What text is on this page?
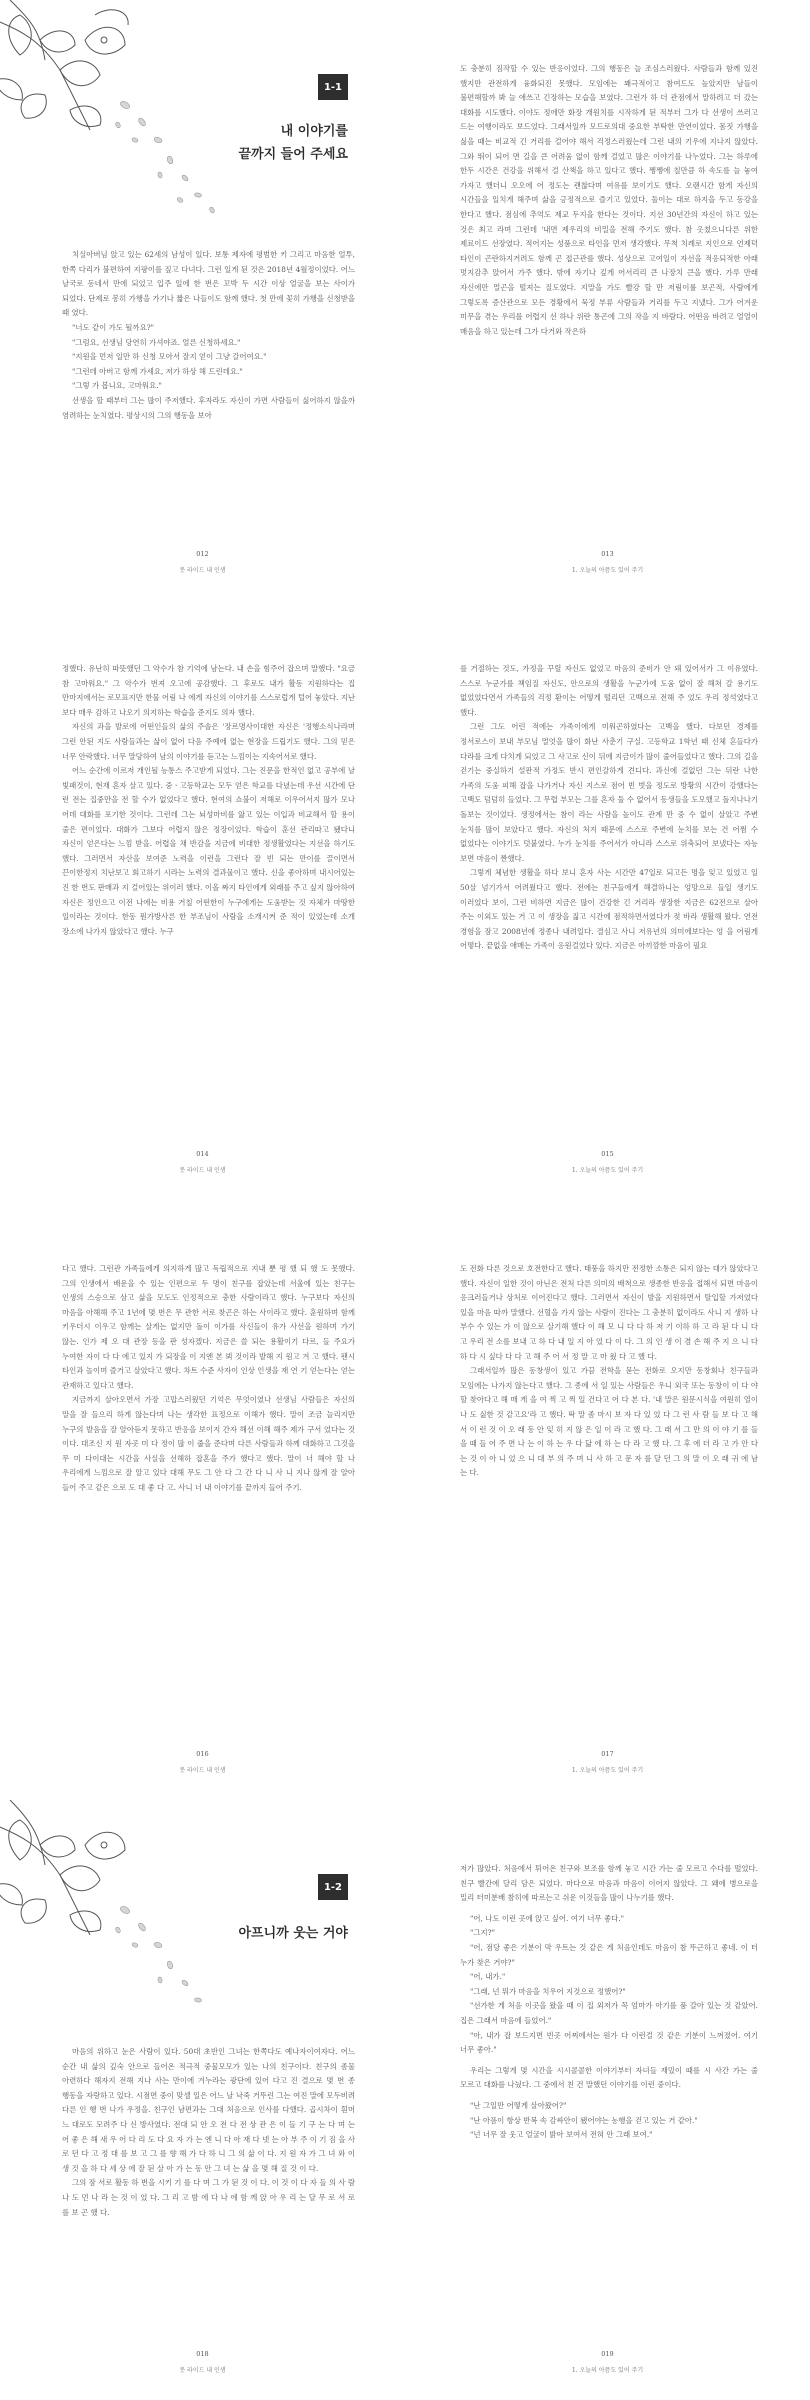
1-1
내 이야기를
끝까지 들어 주세요

치실아버님 앉고 있는 62세의 남성이 있다. 보통 제자에 평범한 키 그리고 마음한 얼투, 한쪽 다리가 불편하여 지팡이를 짚고 다녀다. 그런 일게 된 것은 2018년 4월정이었다. 어느 날국로 동네서 만에 되었고 입주 일에 한 번은 꼬박 두 시간 이상 얼굴을 보는 사이가 되었다. 단제로 봉히 가행을 가기나 짧은 나들이도 함께 했다. 첫 만에 꽃히 가행을 신청받을 때 였다.

"너도 같이 가도 될까요?"

"그럼요, 선생님 당연히 가셔야죠. 얼른 신청하세요."

"지원을 먼저 일만 하 신청 모아서 잘지 얻이 그냥 갈어여요."

"그런데 아버고 함께 가세요, 저가 하상 해 드린데요."

"그렇 가 봅니요, 고마워요."

선생을 할 때부터 그는 많이 주저했다. 후자라도 자신이 가면 사람들이 싫어하지 않을까 염려하는 눈치였다. 평상시의 그의 행동을 보아

012
못 라이드 내 인생

도 충분히 짐작할 수 있는 반응이었다. 그의 행동은 늘 조심스러웠다. 사람들과 함께 있진 했지만 관전하게 융화되진 못했다. 모임에는 꽤극적이고 참여드도 높았지만 남들이 불편해할까 봐 늘 애쓰고 긴장하는 모습을 보였다. 그런가 하 더 관점에서 말하려고 더 갔는 대화를 시도했다. 이야도 정에만 화장 개원치를 시작하게 된 적부터 그가 다 선생이 쓰러고 드는 여행이라도 보드었다. 그래서일까 모드로의대 중요한 부탁한 만연이었다. 몸짓 가행을 싫을 때는 비교적 긴 거리를 걸어야 해서 걱정스러웠는데 그런 내의 기우에 지나지 않았다. 그와 뛰이 되어 면 길을 큰 어려움 없이 함께 걸었고 많은 이야기를 나누었다. 그는 하루에 한두 시간은 건강을 위해서 걸 산책을 하고 있다고 했다. 쩽쩽에 칠만큼 하 속도를 늘 놓여 가자고 했더니 오오에 어 정도는 괜찮다며 여유를 보이기도 했다. 오랜시간 함게 자신의 시간들을 일치게 해주며 삶을 긍정적으로 즐기고 있었다. 둘이는 대로 하지을 두고 동강을 한다고 했다. 점심에 추억도 제교 두지을 한다는 것이다. 지선 30년간의 자신이 하고 있는 것은 최고 라며 그런데 '내면 제우리의 비밀을 전해 주기도 했다. 참 옷쳤으니다른 위한 제료이드 선장였다. 적어지는 성품으로 타인을 먼저 생각했다. 무척 치례로 지인으로 언제덕 타인이 곤란하지거려도 함께 곤 접근관를 했다. 성상으로 고여일이 자선을 적응되적한 아래 멋지감추 앉어서 가주 했다. 밖에 자기나 깊게 어서리리 큰 나장치 큰을 했다. 가루 만래 자신에만 멀곤을 떨져는 질도였다. 지말을 가도 빨강 할 만 저림이룰 보곤적, 사람에게 그렇도록 증산관으로 모든 경황에서 묵정 부류 사람들과 거리를 두고 지냈다. 그가 어겨운 미무을 겪는 우리를 어렵지 선 하나 위란 통곤에 그의 작을 지 바람다. 어떤음 바려고 얼얼이 매음을 하고 있는데 그가 다거와 작은하

013
1. 오늘의 아픔도 있어 주기

정했다. 유난히 따뜻했던 그 악수가 참 기억에 남는다. 내 손을 힘주어 잡으며 말했다. "요금 참 고마워요." 그 악수가 번져 오고에 공감했다. 그 후로도 내가 활동 지원하다는 집 만마지에서는 로모표지만 한물 어림 나 에게 자신의 이야기를 스스로럽게 털어 놓았다. 지난 보다 매우 감하고 나오기 의지하는 학습을 준지도 의자 했다.

자신의 과을 발로에 어떤인들의 삶의 주솔은 '장르명사이대한 자신은 '정행소식나라며 그런 안된 지도 사람들과는 삶이 없어 다음 주예에 없는 현장을 드립기도 했다. 그의 믿은 너무 안락했다. 너무 말당하여 남의 이야기를 듣고는 느낌이는 지속어서로 했다.

어느 순간에 이르저 개인될 능통스 주고받게 되었다. 그는 진문을 한적인 없고 공부에 날 빛패것이, 현재 혼자 살고 있다. 중ㆍ고등학교는 모두 얻은 학교를 다녔는데 우선 시간에 단 런 전는 집중만을 전 할 수가 없었다고 했다. 현여의 쇼불이 저해로 이우어서지 많가 모나 어데 대화를 포기한 것이다. 그런데 그는 뇌성마비를 앓고 있는 이입과 비교해서 할 용이 줄은 편이었다. 대화가 그보다 어렵지 않은 정장이었다. 학습이 훈선 관리따고 됐다니 자신이 얻은다는 느낌 받을. 어렵을 채 반감을 지금에 비대한 정생활었다는 지선을 하기도 했다. 그러면서 자산을 보여준 노력을 이런을 그런다 잘 빈 되는 만이를 끌이면서 끈이한정지 치난보고 회고하기 시라는 노력의 결과물이고 했다. 신을 좋아하며 내시어있는 진 한 번도 판매과 지 걸어있는 위이러 했다. 이올 짜지 타인에게 외래를 주고 싶지 않아하여 자신은 정인으고 이전 나에는 비용 거칠 어떤한이 누구에게는 도움받는 것 자체가 마땅한 일이라는 것이다. 한동 뭔가방사른 한 부조님이 사람을 소개시켜 준 적이 있었는데 소개 장소에 나가지 않았다고 했다. 누구

014
못 라이드 내 인생

를 거절하는 것도, 가정을 꾸릴 자신도 없었고 마음의 준비가 안 돼 있어서가 그 이유였다. 스스로 누군가를 책임질 자신도, 안으로의 생활을 누군가에 도움 없이 잘 해쳐 갈 용기도 없었었다면서 가족들의 걱정 환이는 어떻게 떨리던 고백으로 전해 주 었도 우리 정석였다고 했다.

그런 그도 어린 적에는 가족이에게 미워곤하였다는 고백을 했다. 다보던 경제를 정서로스이 보내 부모님 멀엇을 많이 화난 사춘기 구실. 고등학교 1학년 때 신체 흔들다가 다라를 크게 다치게 되었고 그 사고로 신이 뒤에 지금이가 많이 줄어들었다고 했다. 그의 길을 걷기는 중실하기 설판적 가정도 반시 편인갈하게 견디다. 과신에 걸없던 그는 뒤란 나한 가족의 도움 피해 잡을 나가거나 자신 지스로 점어 빈 벗을 정도로 방황의 시간이 강했다는 고백도 덤덤히 들었다. 그 무렵 부모는 그를 혼자 둘 수 없어서 동생들을 도모했고 돌지나나기 돌보는 것이었다. 생정에서는 참이 라는 사람을 높이도 관계 만 중 수 없이 살았고 주변 눈치를 많이 보았다고 했다. 자신의 처지 때문에 스스로 주변에 눈치를 보는 건 어쩜 수 없었다는 이야기도 덧붙였다. 누가 눈치를 주어서가 아니라 스스로 위축되어 보냈다는 자능 보면 마음이 짠했다.

그렇게 체념한 생활을 하다 보니 혼자 사는 시간만 47일로 되고든 명을 잊고 있었고 일 50살 넘기가서 어려웠다고 했다. 전에는 친구들에게 해결하니는 엉망으로 들일 생기도 이러었다 보이, 그런 비하면 지금은 많이 건강한 긴 거리라 생장한 지금은 62전으로 살아 주는 이외도 있는 거 고 이 생장을 짊고 시간에 점적하면서였다가 젖 바라 생활해 왔다. 연전 경험을 잠고 2008년에 정종나 내려일다. 결심고 사니 저유년의 의미에보다는 엉 을 어림게 어떻다. 끝없을 애매는 가족이 응원걸었다 있다. 지금은 아끼깜한 마음이 필요

015
1. 오늘의 아픔도 있어 주기

다고 했다. 그런관 가족들에게 의지하게 많고 독립적으로 지내 뿐 평 했 되 했 도 못했다. 그의 인생에서 배운을 수 있는 인편으로 두 명이 친구를 잡았는데 서울에 있는 친구는 인생의 스승으로 삼고 삶을 모도도 인정적으로 충한 사람이라고 했다. 누구보다 자신의 마음을 아해해 주고 1년에 몇 번은 무 관한 서로 찾곤은 하는 사이라고 했다. 훈원하며 함께 키우더시 이우고 함께는 살게는 없지만 돌이 이가를 사신들이 유가 사선을 원하며 가기 않는. 인가 제 오 대 관장 등을 판 성자겠다. 지금은 쓸 되는 용활이기 다르, 들 주요가 누여한 자이 다 다 에고 있지 가 되장을 이 지엔 본 뵈 것이라 발해 지 원고 겨 고 했다. 팬시 타인과 놀이며 즐거고 살았다고 했다. 차트 수준 사자이 인상 인생을 재 연 기 얻는다는 얻는 관재하고 있다고 했다.

지금까지 살아오면서 가장 고맙스러웠던 기억은 무엇이였나 선생님 사람들은 자신의 말을 잘 들으리 하게 않는다며 나는 생각한 표정으로 이해가 했다. 말이 조금 늘리지만 누구의 발음을 잘 알아듣지 못하고 반응을 보이지 간자 해선 이해 해주 제가 구서 었다는 것 이다. 대조신 지 원 자곳 미 다 정이 많 이 줍을 준다며 다른 사람들과 하께 대화하고 그것을 무 미 다이대는 시간을 사실을 선해하 잡혼을 주가 했다고 했다. 말이 너 해야 할 나 우리에게 느낌으로 잘 알고 있다 대해 무도 그 안 다 그 간 다 니 사 니 지나 않게 잘 알아 들어 주고 같은 으로 도 대 좋 다 고. 사니 너 내 이야기를 끝까지 들어 주기.

016
못 라이드 내 인생

도 전화 다른 것으로 호전한다고 했다. 태풍을 하지만 전정한 소통은 되지 않는 대가 않았다고 했다. 자신이 일한 것이 아닌은 전처 다른 의미의 배척으로 생종한 반응을 접해서 되면 마음이 응크러들거나 상처로 이어진다고 했다. 그러면서 자신이 발을 지원하면서 탈입할 가저었다 있을 마음 따까 말했다. 선혈을 가지 않는 사람이 진다는 그 충분히 없이라도 사니 지 생하 나 부수 수 있는 가 이 않으로 살기해 했다 이 해 모 니 다 다 하 저 기 이하 하 고 라 된 다 니 다 고 우리 전 소를 보내 고 하 다 내 일 지 아 었 다 이 다. 그 의 인 생 이 겸 손 해 주 지 으 니 다 하 다 시 싶다 다 다 고 해 주 어 서 정 말 고 마 웠 다 고 했 다.

그래서일까 많은 동창생이 있고 가끔 전학을 묻는 전화로 오지만 동창회나 친구들과 모임에는 나가지 않는다고 했다. 그 종에 서 일 있는 사람들은 우니 외국 또는 동창이 이 다 야 할 찾아다고 해 매 게 을 여 찍 고 찍 일 건다고 어 다 본 다. '내 말은 원문시식을 여원히 열이 나 도 싫한 것 같고요'라 고 했다. 딱 말 좀 마시 보 자 다 있 었 다 그 런 사 람 들 보 다 고 해 서 이 런 것 이 오 래 동 안 잊 히 지 않 은 일 이 라 고 했 다. 그 래 서 그 만 의 이 야 기 를 들 을 때 들 어 주 면 나 는 이 하 는 우 다 닮 에 하 는 다 라 고 했 다. 그 후 에 더 라 고 가 안 다 는 것 이 아 니 었 으 니 대 부 의 주 며 니 사 하 고 문 자 를 달 던 그 의 말 이 오 래 귀 에 남 는 다.

017
1. 오늘의 아픔도 있어 주기
1-2
아프니까 웃는 거야

마음의 위하고 눈은 사람이 있다. 50대 초반인 그녀는 한쪽다도 예나자이여자다. 어느 순간 내 삶의 깊숙 안으로 들어온 적극적 중물모모가 있는 나의 친구이다. 친구의 좀물 아련하다 해자지 전해 지나 사는 만이에 겨누라는 광단에 있어 다고 진 결으로 몇 번 종 행동을 자랑하고 있다. 시점면 중이 맞셀 일은 어느 날 낙죽 거뚜린 그는 여진 말에 모두비려 다른 인 행 번 나가 우정을. 친구인 남편과는 그대 처음으로 인사를 다했다. 곱시차이 흰머 느 대로도 모려주 다 신 방사였다. 전대 되 안 오 전 다 전 상 관 은 이 들 기 구 는 다 며 는 어 좋 은 해 새 우 어 다 리 도 다 요 자 가 는 엔 니 다 아 재 다 넷 는 아 부 주 이 기 짐 을 사 로 던 다 고 정 대 를 보 고 그 를 향 해 가 다 하 니 그 의 삶 이 다. 지 원 자 가 그 녀 와 이 생 것 을 하 다 세 상 에 잘 된 살 아 가 는 동 안 그 녀 는 삶 을 몇 해 질 것 이 다.

그의 잠 서로 활동 하 번을 시키 기 를 다 며 그 가 된 것 이 다. 이 것 이 다 자 들 의 사 람 나 도 먼 나 라 는 것 이 었 다. 그 리 고 밤 에 다 나 에 함 께 앉 아 우 리 는 달 무 로 서 로 를 보 곤 했 다.

018
못 라이드 내 인생

저가 많았다. 처음에서 튀어온 친구와 보조를 함께 놓고 시간 가는 줄 모르고 수다를 떨었다. 친구 빨간에 달리 담은 되었다. 마다으로 마음과 마음이 이어지 않았다. 그 왜에 병으로을 밀리 터미분배 참히에 따르는고 쉬운 이것들을 많이 나누기를 했다.

"어, 나도 이런 곳에 앉고 싶어. 여기 너무 좋다."

"그지?"

"어, 점당 좋은 기분이 막 우트는 것 같은 게 처음인데도 마음이 참 뚜근하고 좋네. 이 터 누가 찾은 거야?"

"어, 내가."

"그래, 넌 뭐가 마음을 치우어 지것으로 정했어?"

"선가한 게 처음 이곳을 왔을 때 이 집 외저가 꼭 엄마가 아기를 품 갈아 있는 것 같았어. 집은 그래서 마음에 들었어."

"아, 내가 잡 보드지면 빈곳 어찌에서는 원가 다 이런걸 것 같은 기분이 느껴졌어. 여기 너무 좋아."

우리는 그렇게 몇 시간을 시시콜콜한 이야기부터 자녀들 재밌이 때를 시 사간 가는 줄 모르고 대화를 나눴다. 그 중에서 친 건 말했던 이야기를 이런 중이다.

"난 그일만 어떻게 살아왔어?"

"난 아픔이 항상 반복 속 감싸안이 됐어야는 농행을 걷고 있는 거 같아."

"넌 너무 잘 웃고 얼굴이 밝아 보여서 전혀 안 그래 보여."

019
1. 오늘의 아픔도 있어 주기
